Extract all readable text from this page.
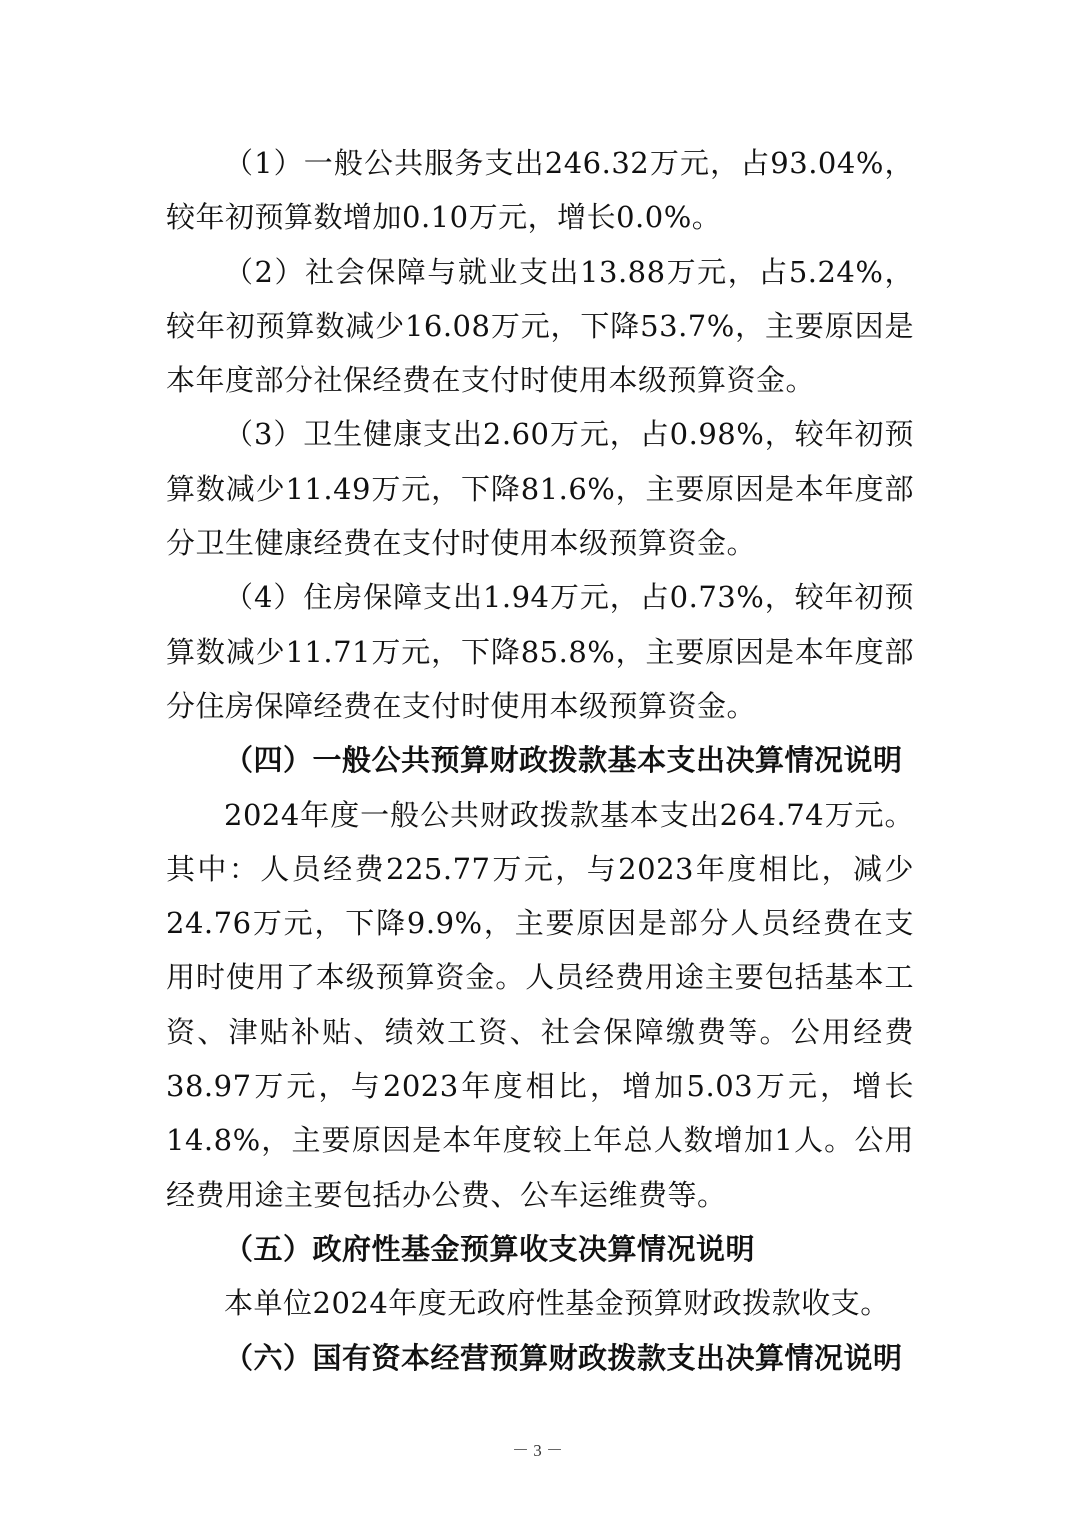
（1）一般公共服务支出246.32万元，占93.04%，较年初预算数增加0.10万元，增长0.0%。

（2）社会保障与就业支出13.88万元，占5.24%，较年初预算数减少16.08万元，下降53.7%，主要原因是本年度部分社保经费在支付时使用本级预算资金。

（3）卫生健康支出2.60万元，占0.98%，较年初预算数减少11.49万元，下降81.6%，主要原因是本年度部分卫生健康经费在支付时使用本级预算资金。

（4）住房保障支出1.94万元，占0.73%，较年初预算数减少11.71万元，下降85.8%，主要原因是本年度部分住房保障经费在支付时使用本级预算资金。

（四）一般公共预算财政拨款基本支出决算情况说明

2024年度一般公共财政拨款基本支出264.74万元。其中：人员经费225.77万元，与2023年度相比，减少24.76万元，下降9.9%，主要原因是部分人员经费在支用时使用了本级预算资金。人员经费用途主要包括基本工资、津贴补贴、绩效工资、社会保障缴费等。公用经费38.97万元，与2023年度相比，增加5.03万元，增长14.8%，主要原因是本年度较上年总人数增加1人。公用经费用途主要包括办公费、公车运维费等。

（五）政府性基金预算收支决算情况说明

本单位2024年度无政府性基金预算财政拨款收支。

（六）国有资本经营预算财政拨款支出决算情况说明

－ 3 －
